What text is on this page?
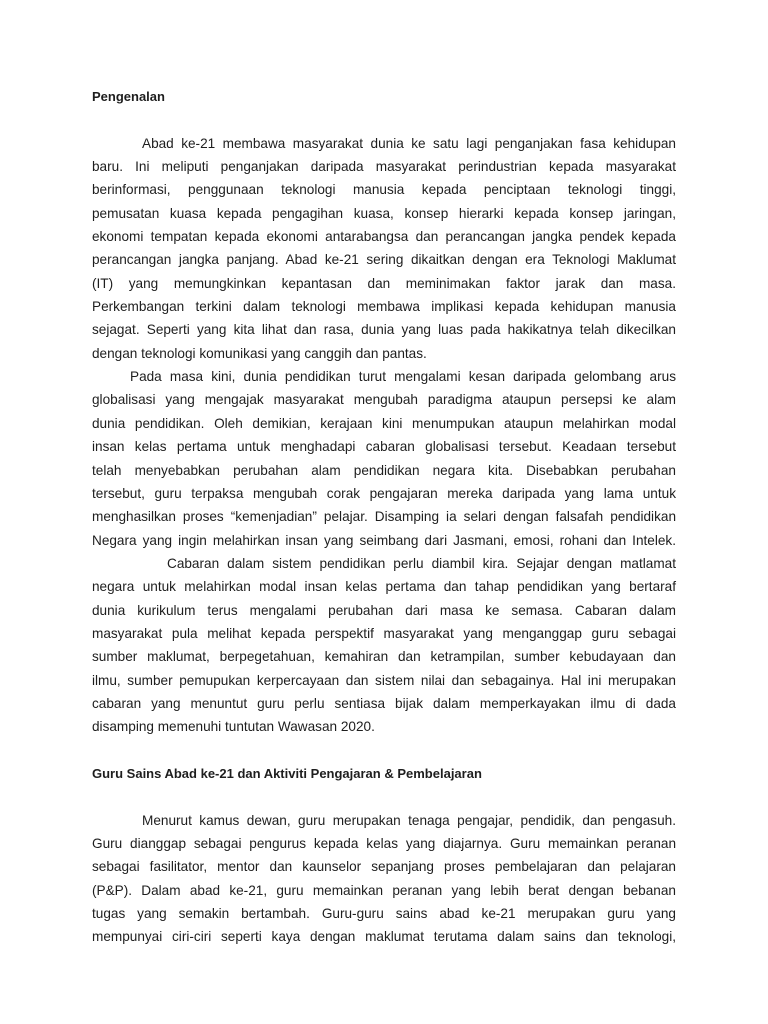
Pengenalan
Abad ke-21 membawa masyarakat dunia ke satu lagi penganjakan fasa kehidupan
baru. Ini meliputi penganjakan daripada masyarakat perindustrian kepada masyarakat
berinformasi, penggunaan teknologi manusia kepada penciptaan teknologi tinggi,
pemusatan kuasa kepada pengagihan kuasa, konsep hierarki kepada konsep jaringan,
ekonomi tempatan kepada ekonomi antarabangsa dan perancangan jangka pendek kepada
perancangan jangka panjang. Abad ke-21 sering dikaitkan dengan era Teknologi Maklumat
(IT) yang memungkinkan kepantasan dan meminimakan faktor jarak dan masa.
Perkembangan terkini dalam teknologi membawa implikasi kepada kehidupan manusia
sejagat. Seperti yang kita lihat dan rasa, dunia yang luas pada hakikatnya telah dikecilkan
dengan teknologi komunikasi yang canggih dan pantas.
Pada masa kini, dunia pendidikan turut mengalami kesan daripada gelombang arus
globalisasi yang mengajak masyarakat mengubah paradigma ataupun persepsi ke alam
dunia pendidikan. Oleh demikian, kerajaan kini menumpukan ataupun melahirkan modal
insan kelas pertama untuk menghadapi cabaran globalisasi tersebut. Keadaan tersebut
telah menyebabkan perubahan alam pendidikan negara kita. Disebabkan perubahan
tersebut, guru terpaksa mengubah corak pengajaran mereka daripada yang lama untuk
menghasilkan proses “kemenjadian” pelajar. Disamping ia selari dengan falsafah pendidikan
Negara yang ingin melahirkan insan yang seimbang dari Jasmani, emosi, rohani dan Intelek.
Cabaran dalam sistem pendidikan perlu diambil kira. Sejajar dengan matlamat
negara untuk melahirkan modal insan kelas pertama dan tahap pendidikan yang bertaraf
dunia kurikulum terus mengalami perubahan dari masa ke semasa. Cabaran dalam
masyarakat pula melihat kepada perspektif masyarakat yang menganggap guru sebagai
sumber maklumat, berpegetahuan, kemahiran dan ketrampilan, sumber kebudayaan dan
ilmu, sumber pemupukan kerpercayaan dan sistem nilai dan sebagainya. Hal ini merupakan
cabaran yang menuntut guru perlu sentiasa bijak dalam memperkayakan ilmu di dada
disamping memenuhi tuntutan Wawasan 2020.
Guru Sains Abad ke-21 dan Aktiviti Pengajaran & Pembelajaran
Menurut kamus dewan, guru merupakan tenaga pengajar, pendidik, dan pengasuh.
Guru dianggap sebagai pengurus kepada kelas yang diajarnya. Guru memainkan peranan
sebagai fasilitator, mentor dan kaunselor sepanjang proses pembelajaran dan pelajaran
(P&P). Dalam abad ke-21, guru memainkan peranan yang lebih berat dengan bebanan
tugas yang semakin bertambah. Guru-guru sains abad ke-21 merupakan guru yang
mempunyai ciri-ciri seperti kaya dengan maklumat terutama dalam sains dan teknologi,
